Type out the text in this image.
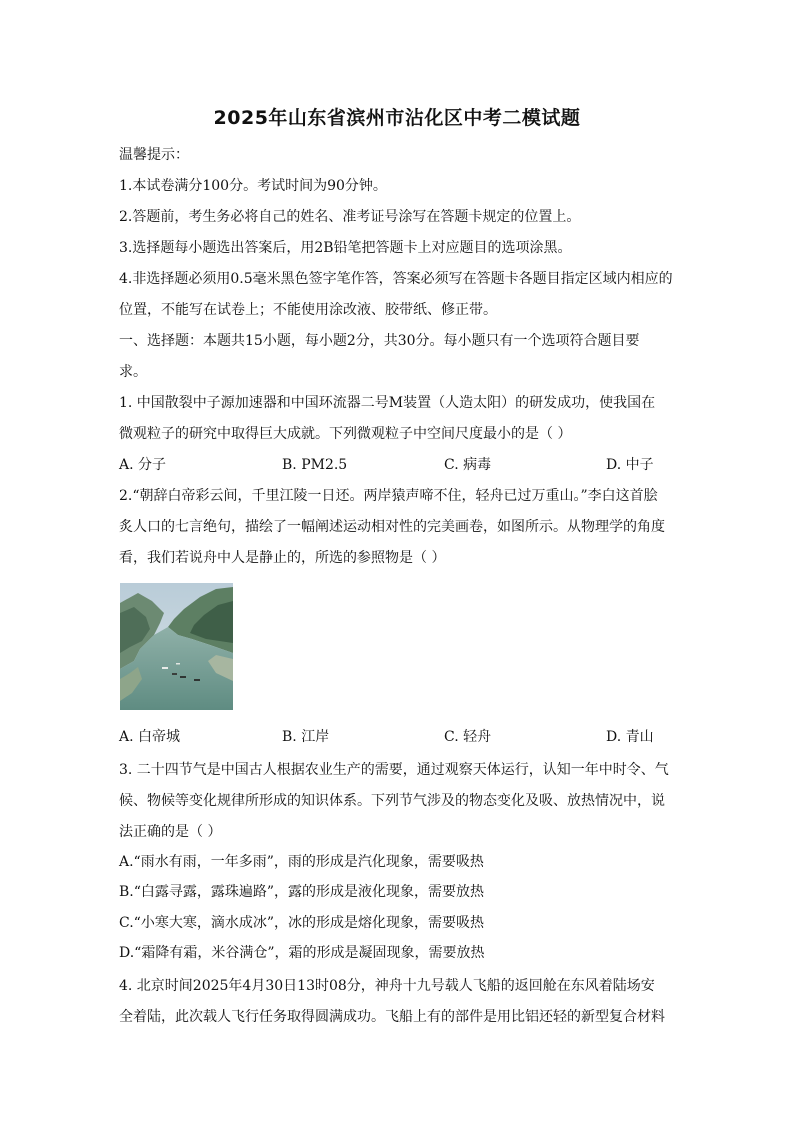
2025年山东省滨州市沾化区中考二模试题
温馨提示：
1.本试卷满分100分。考试时间为90分钟。
2.答题前，考生务必将自己的姓名、准考证号涂写在答题卡规定的位置上。
3.选择题每小题选出答案后，用2B铅笔把答题卡上对应题目的选项涂黑。
4.非选择题必须用0.5毫米黑色签字笔作答，答案必须写在答题卡各题目指定区域内相应的
位置，不能写在试卷上；不能使用涂改液、胶带纸、修正带。
一、选择题：本题共15小题，每小题2分，共30分。每小题只有一个选项符合题目要
求。
1. 中国散裂中子源加速器和中国环流器二号M装置（人造太阳）的研发成功，使我国在
微观粒子的研究中取得巨大成就。下列微观粒子中空间尺度最小的是（ ）
A. 分子	B. PM2.5	C. 病毒	D. 中子
2.“朝辞白帝彩云间，千里江陵一日还。两岸猿声啼不住，轻舟已过万重山。”李白这首脍
炙人口的七言绝句，描绘了一幅阐述运动相对性的完美画卷，如图所示。从物理学的角度
看，我们若说舟中人是静止的，所选的参照物是（ ）
A. 白帝城	B. 江岸	C. 轻舟	D. 青山
3. 二十四节气是中国古人根据农业生产的需要，通过观察天体运行，认知一年中时令、气
候、物候等变化规律所形成的知识体系。下列节气涉及的物态变化及吸、放热情况中，说
法正确的是（ ）
A.“雨水有雨，一年多雨”，雨的形成是汽化现象，需要吸热
B.“白露寻露，露珠遍路”，露的形成是液化现象，需要放热
C.“小寒大寒，滴水成冰”，冰的形成是熔化现象，需要吸热
D.“霜降有霜，米谷满仓”，霜的形成是凝固现象，需要放热
4. 北京时间2025年4月30日13时08分，神舟十九号载人飞船的返回舱在东风着陆场安
全着陆，此次载人飞行任务取得圆满成功。飞船上有的部件是用比铝还轻的新型复合材料
